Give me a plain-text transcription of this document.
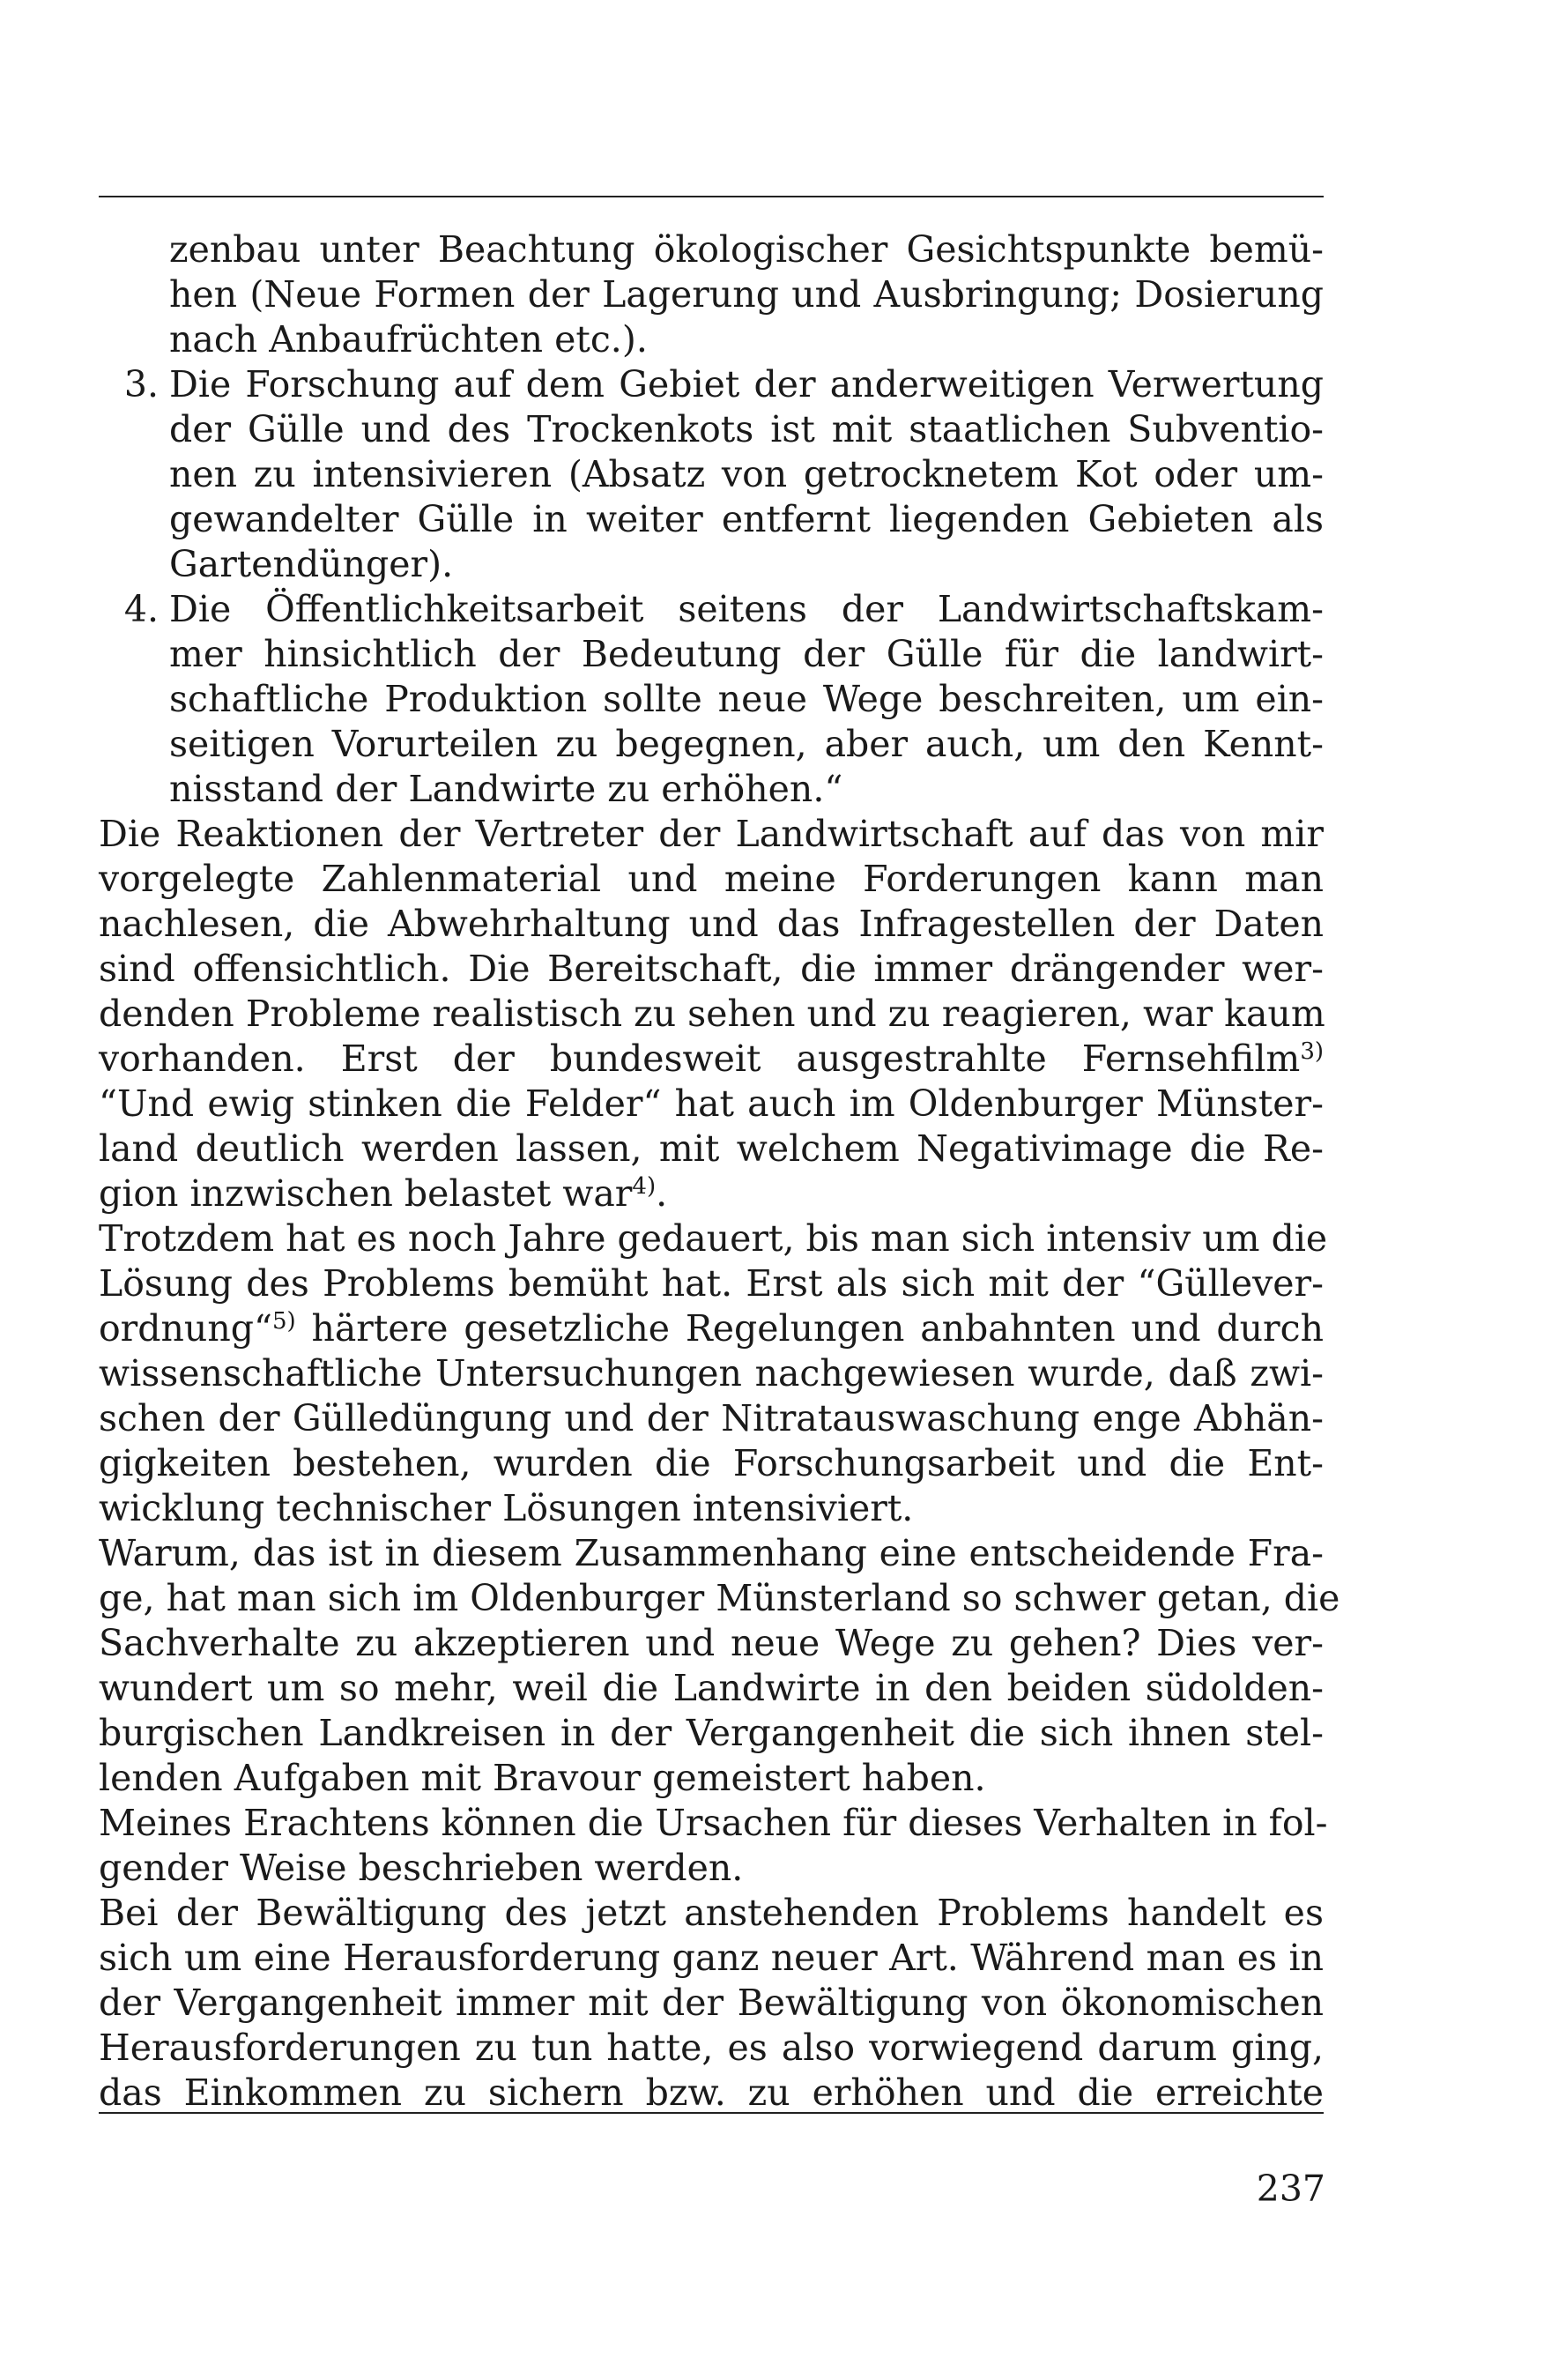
zenbau unter Beachtung ökologischer Gesichtspunkte bemü-
hen (Neue Formen der Lagerung und Ausbringung; Dosierung
nach Anbaufrüchten etc.).
3. Die Forschung auf dem Gebiet der anderweitigen Verwertung
der Gülle und des Trockenkots ist mit staatlichen Subventio-
nen zu intensivieren (Absatz von getrocknetem Kot oder um-
gewandelter Gülle in weiter entfernt liegenden Gebieten als
Gartendünger).
4. Die Öffentlichkeitsarbeit seitens der Landwirtschaftskam-
mer hinsichtlich der Bedeutung der Gülle für die landwirt-
schaftliche Produktion sollte neue Wege beschreiten, um ein-
seitigen Vorurteilen zu begegnen, aber auch, um den Kennt-
nisstand der Landwirte zu erhöhen.“
Die Reaktionen der Vertreter der Landwirtschaft auf das von mir
vorgelegte Zahlenmaterial und meine Forderungen kann man
nachlesen, die Abwehrhaltung und das Infragestellen der Daten
sind offensichtlich. Die Bereitschaft, die immer drängender wer-
denden Probleme realistisch zu sehen und zu reagieren, war kaum
vorhanden. Erst der bundesweit ausgestrahlte Fernsehfilm$^{3)}$
“Und ewig stinken die Felder“ hat auch im Oldenburger Münster-
land deutlich werden lassen, mit welchem Negativimage die Re-
gion inzwischen belastet war$^{4)}$.
Trotzdem hat es noch Jahre gedauert, bis man sich intensiv um die
Lösung des Problems bemüht hat. Erst als sich mit der “Güllever-
ordnung“$^{5)}$ härtere gesetzliche Regelungen anbahnten und durch
wissenschaftliche Untersuchungen nachgewiesen wurde, daß zwi-
schen der Gülledüngung und der Nitratauswaschung enge Abhän-
gigkeiten bestehen, wurden die Forschungsarbeit und die Ent-
wicklung technischer Lösungen intensiviert.
Warum, das ist in diesem Zusammenhang eine entscheidende Fra-
ge, hat man sich im Oldenburger Münsterland so schwer getan, die
Sachverhalte zu akzeptieren und neue Wege zu gehen? Dies ver-
wundert um so mehr, weil die Landwirte in den beiden südolden-
burgischen Landkreisen in der Vergangenheit die sich ihnen stel-
lenden Aufgaben mit Bravour gemeistert haben.
Meines Erachtens können die Ursachen für dieses Verhalten in fol-
gender Weise beschrieben werden.
Bei der Bewältigung des jetzt anstehenden Problems handelt es
sich um eine Herausforderung ganz neuer Art. Während man es in
der Vergangenheit immer mit der Bewältigung von ökonomischen
Herausforderungen zu tun hatte, es also vorwiegend darum ging,
das Einkommen zu sichern bzw. zu erhöhen und die erreichte
237
